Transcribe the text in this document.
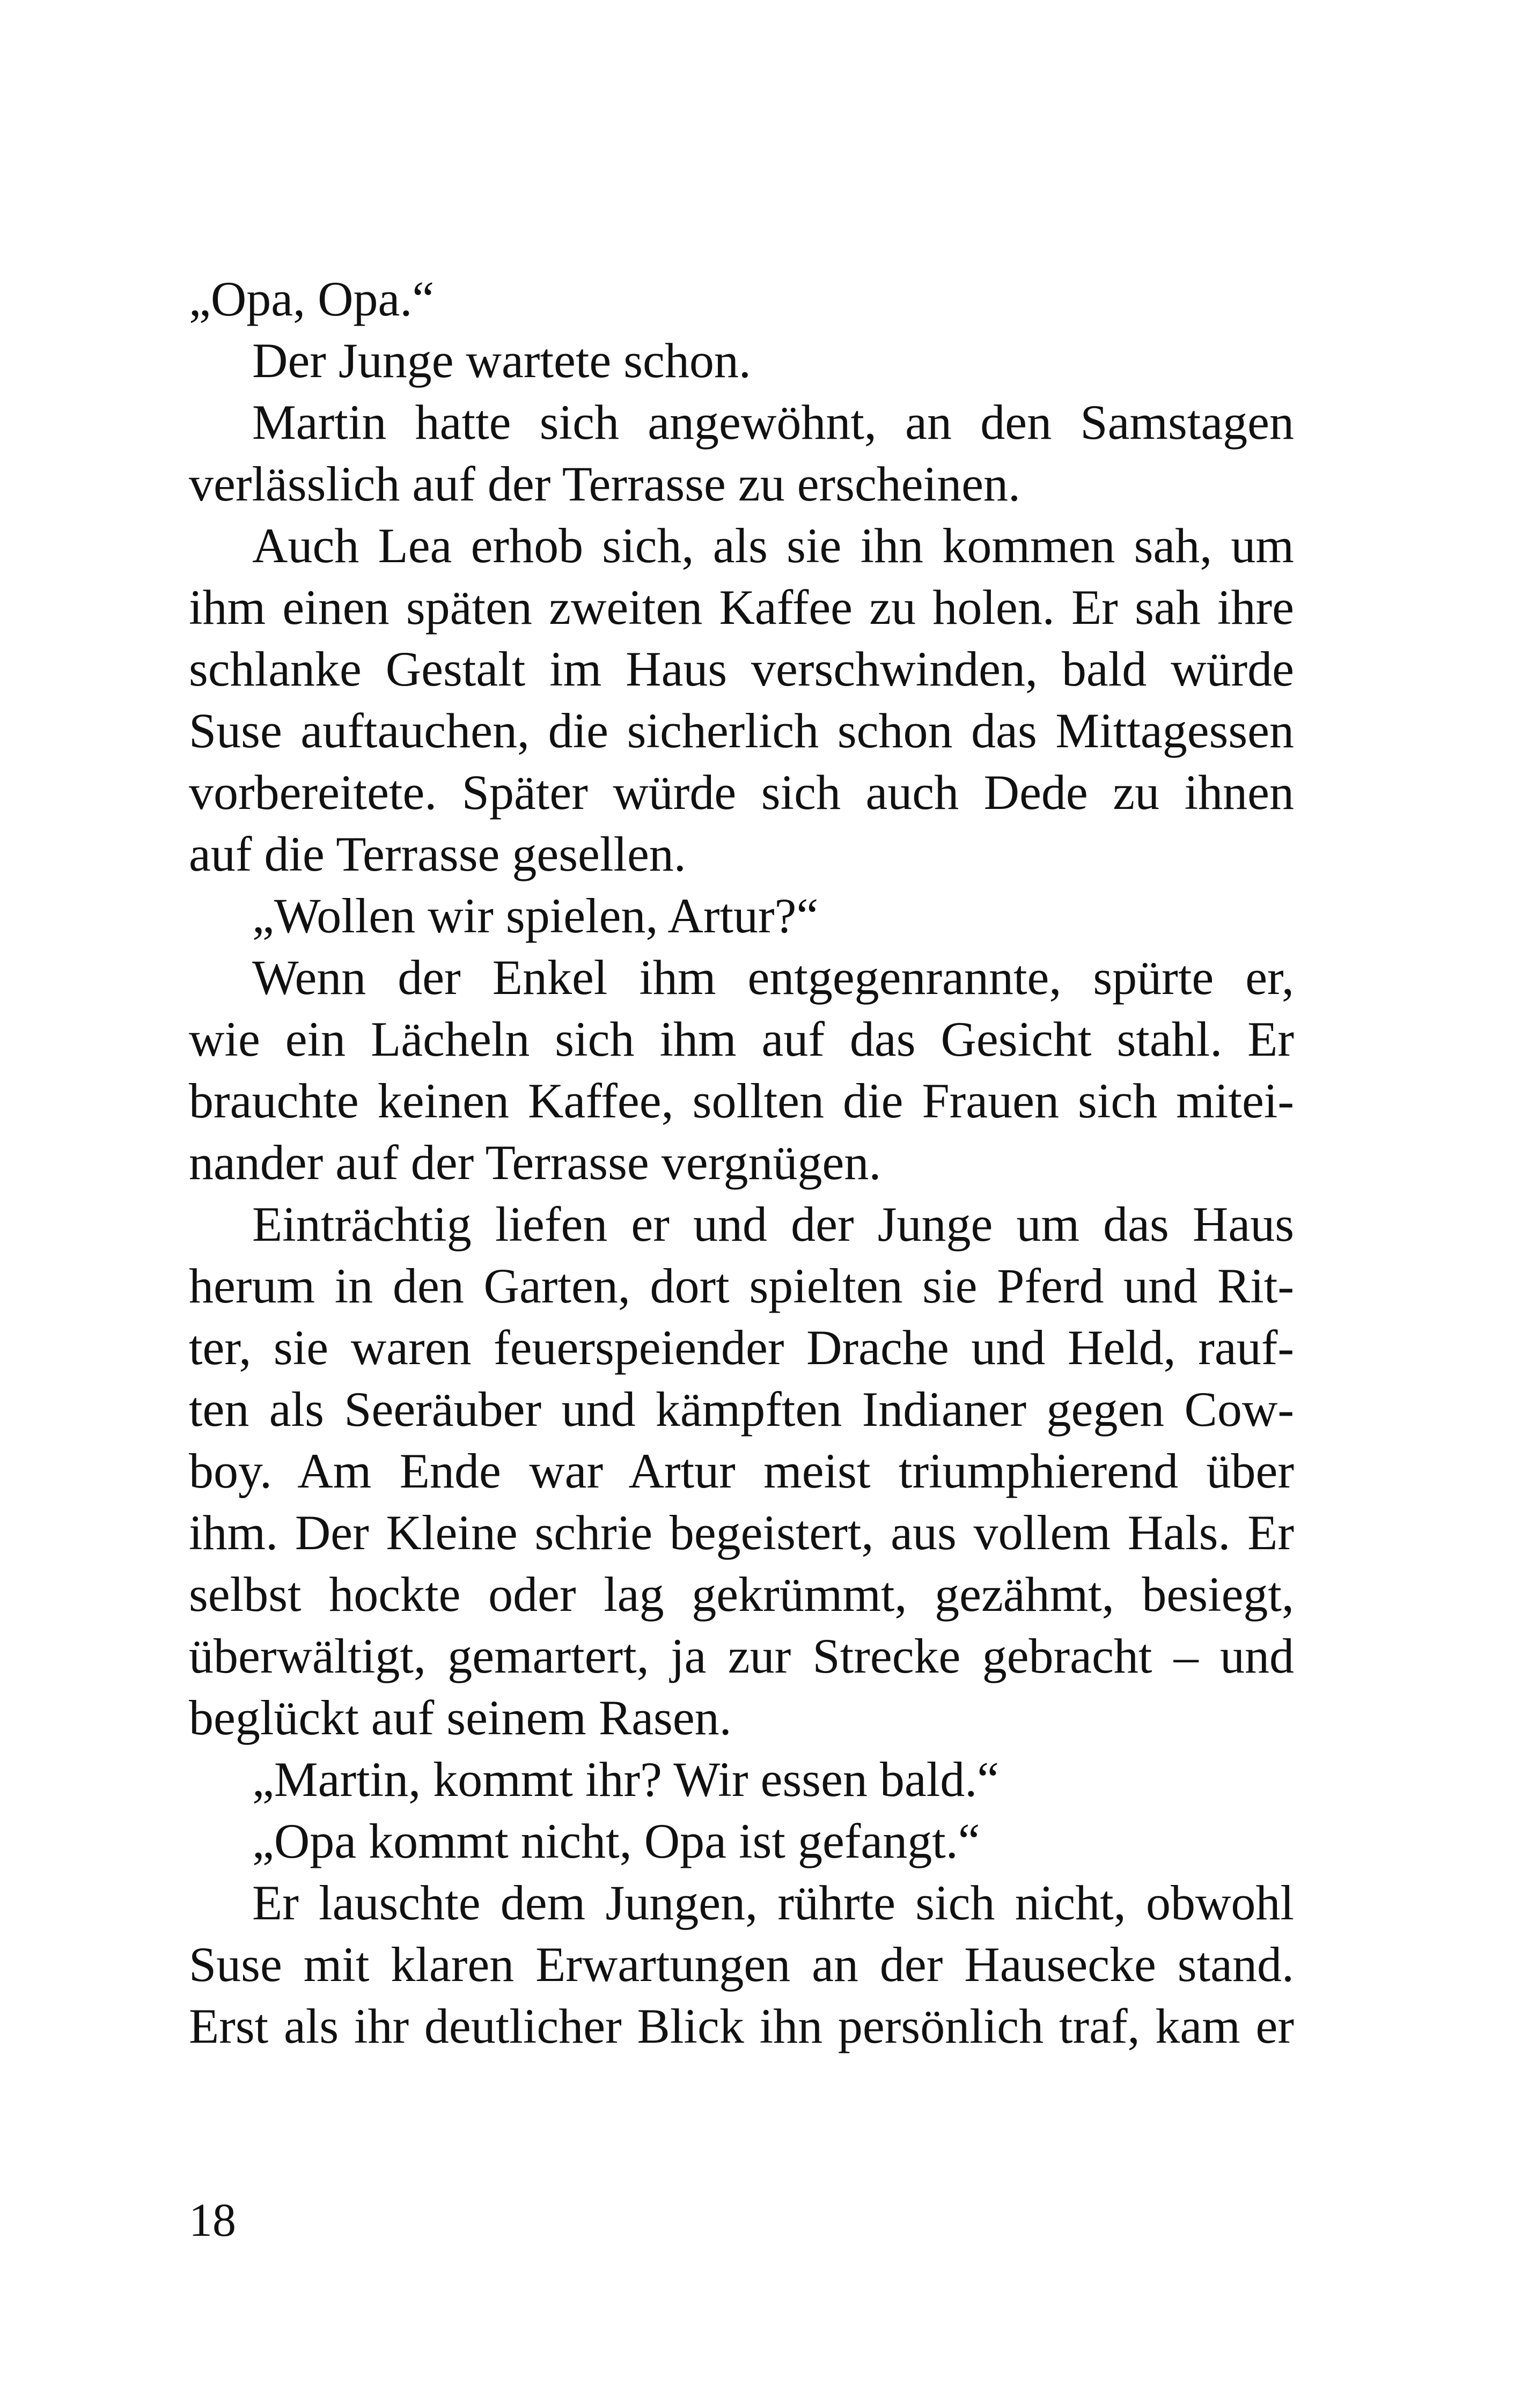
„Opa, Opa.“
Der Junge wartete schon.
Martin hatte sich angewöhnt, an den Samstagen
verlässlich auf der Terrasse zu erscheinen.
Auch Lea erhob sich, als sie ihn kommen sah, um
ihm einen späten zweiten Kaffee zu holen. Er sah ihre
schlanke Gestalt im Haus verschwinden, bald würde
Suse auftauchen, die sicherlich schon das Mittagessen
vorbereitete. Später würde sich auch Dede zu ihnen
auf die Terrasse gesellen.
„Wollen wir spielen, Artur?“
Wenn der Enkel ihm entgegenrannte, spürte er,
wie ein Lächeln sich ihm auf das Gesicht stahl. Er
brauchte keinen Kaffee, sollten die Frauen sich mitei-
nander auf der Terrasse vergnügen.
Einträchtig liefen er und der Junge um das Haus
herum in den Garten, dort spielten sie Pferd und Rit-
ter, sie waren feuerspeiender Drache und Held, rauf-
ten als Seeräuber und kämpften Indianer gegen Cow-
boy. Am Ende war Artur meist triumphierend über
ihm. Der Kleine schrie begeistert, aus vollem Hals. Er
selbst hockte oder lag gekrümmt, gezähmt, besiegt,
überwältigt, gemartert, ja zur Strecke gebracht – und
beglückt auf seinem Rasen.
„Martin, kommt ihr? Wir essen bald.“
„Opa kommt nicht, Opa ist gefangt.“
Er lauschte dem Jungen, rührte sich nicht, obwohl
Suse mit klaren Erwartungen an der Hausecke stand.
Erst als ihr deutlicher Blick ihn persönlich traf, kam er
18
